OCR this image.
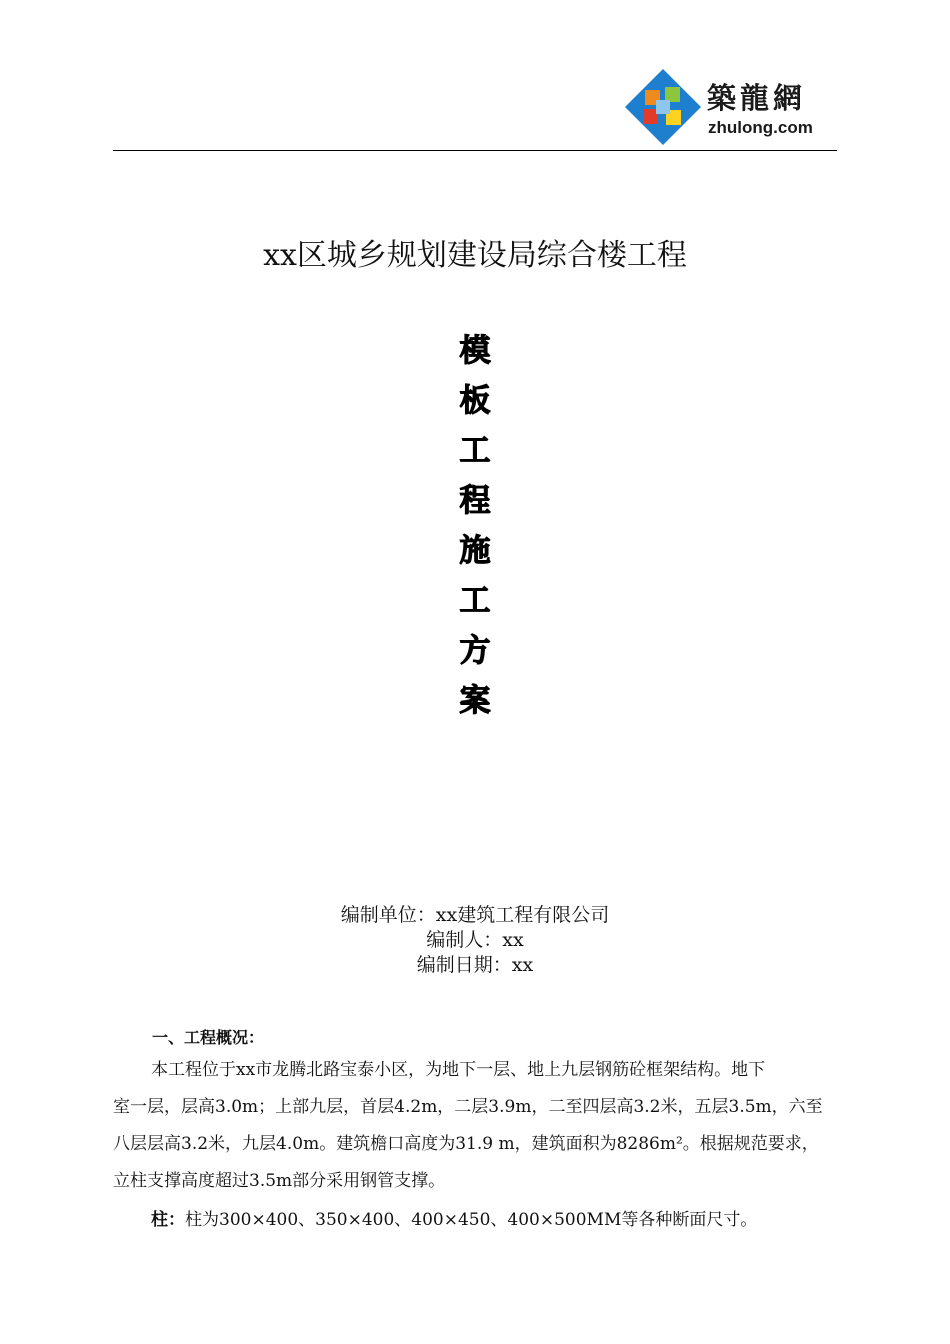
築龍網
zhulong.com
xx区城乡规划建设局综合楼工程
模
板
工
程
施
工
方
案
编制单位：xx建筑工程有限公司
编制人：xx
编制日期：xx
一、工程概况：
本工程位于xx市龙腾北路宝泰小区，为地下一层、地上九层钢筋砼框架结构。地下
室一层，层高3.0m；上部九层，首层4.2m，二层3.9m，二至四层高3.2米，五层3.5m，六至
八层层高3.2米，九层4.0m。建筑檐口高度为31.9 m，建筑面积为8286m²。根据规范要求，
立柱支撑高度超过3.5m部分采用钢管支撑。
柱：柱为300×400、350×400、400×450、400×500MM等各种断面尺寸。
